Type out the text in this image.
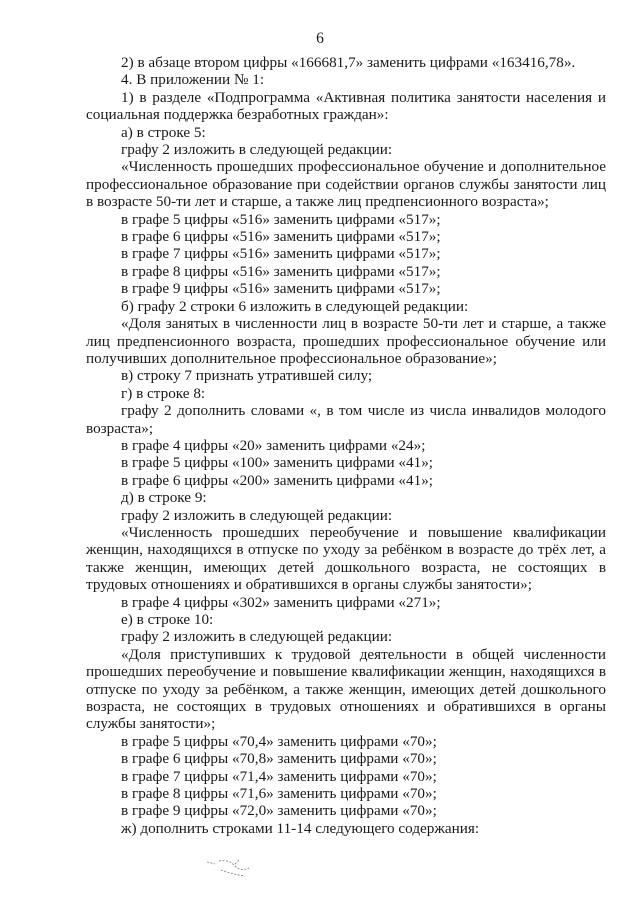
6

2) в абзаце втором цифры «166681,7» заменить цифрами «163416,78».

4. В приложении № 1:

1) в разделе «Подпрограмма «Активная политика занятости населения и социальная поддержка безработных граждан»:

а) в строке 5:

графу 2 изложить в следующей редакции:

«Численность прошедших профессиональное обучение и дополнительное профессиональное образование при содействии органов службы занятости лиц в возрасте 50-ти лет и старше, а также лиц предпенсионного возраста»;

в графе 5 цифры «516» заменить цифрами «517»;

в графе 6 цифры «516» заменить цифрами «517»;

в графе 7 цифры «516» заменить цифрами «517»;

в графе 8 цифры «516» заменить цифрами «517»;

в графе 9 цифры «516» заменить цифрами «517»;

б) графу 2 строки 6 изложить в следующей редакции:

«Доля занятых в численности лиц в возрасте 50-ти лет и старше, а также лиц предпенсионного возраста, прошедших профессиональное обучение или получивших дополнительное профессиональное образование»;

в) строку 7 признать утратившей силу;

г) в строке 8:

графу 2 дополнить словами «, в том числе из числа инвалидов молодого возраста»;

в графе 4 цифры «20» заменить цифрами «24»;

в графе 5 цифры «100» заменить цифрами «41»;

в графе 6 цифры «200» заменить цифрами «41»;

д) в строке 9:

графу 2 изложить в следующей редакции:

«Численность прошедших переобучение и повышение квалификации женщин, находящихся в отпуске по уходу за ребёнком в возрасте до трёх лет, а также женщин, имеющих детей дошкольного возраста, не состоящих в трудовых отношениях и обратившихся в органы службы занятости»;

в графе 4 цифры «302» заменить цифрами «271»;

е) в строке 10:

графу 2 изложить в следующей редакции:

«Доля приступивших к трудовой деятельности в общей численности прошедших переобучение и повышение квалификации женщин, находящихся в отпуске по уходу за ребёнком, а также женщин, имеющих детей дошкольного возраста, не состоящих в трудовых отношениях и обратившихся в органы службы занятости»;

в графе 5 цифры «70,4» заменить цифрами «70»;

в графе 6 цифры «70,8» заменить цифрами «70»;

в графе 7 цифры «71,4» заменить цифрами «70»;

в графе 8 цифры «71,6» заменить цифрами «70»;

в графе 9 цифры «72,0» заменить цифрами «70»;

ж) дополнить строками 11-14 следующего содержания:
